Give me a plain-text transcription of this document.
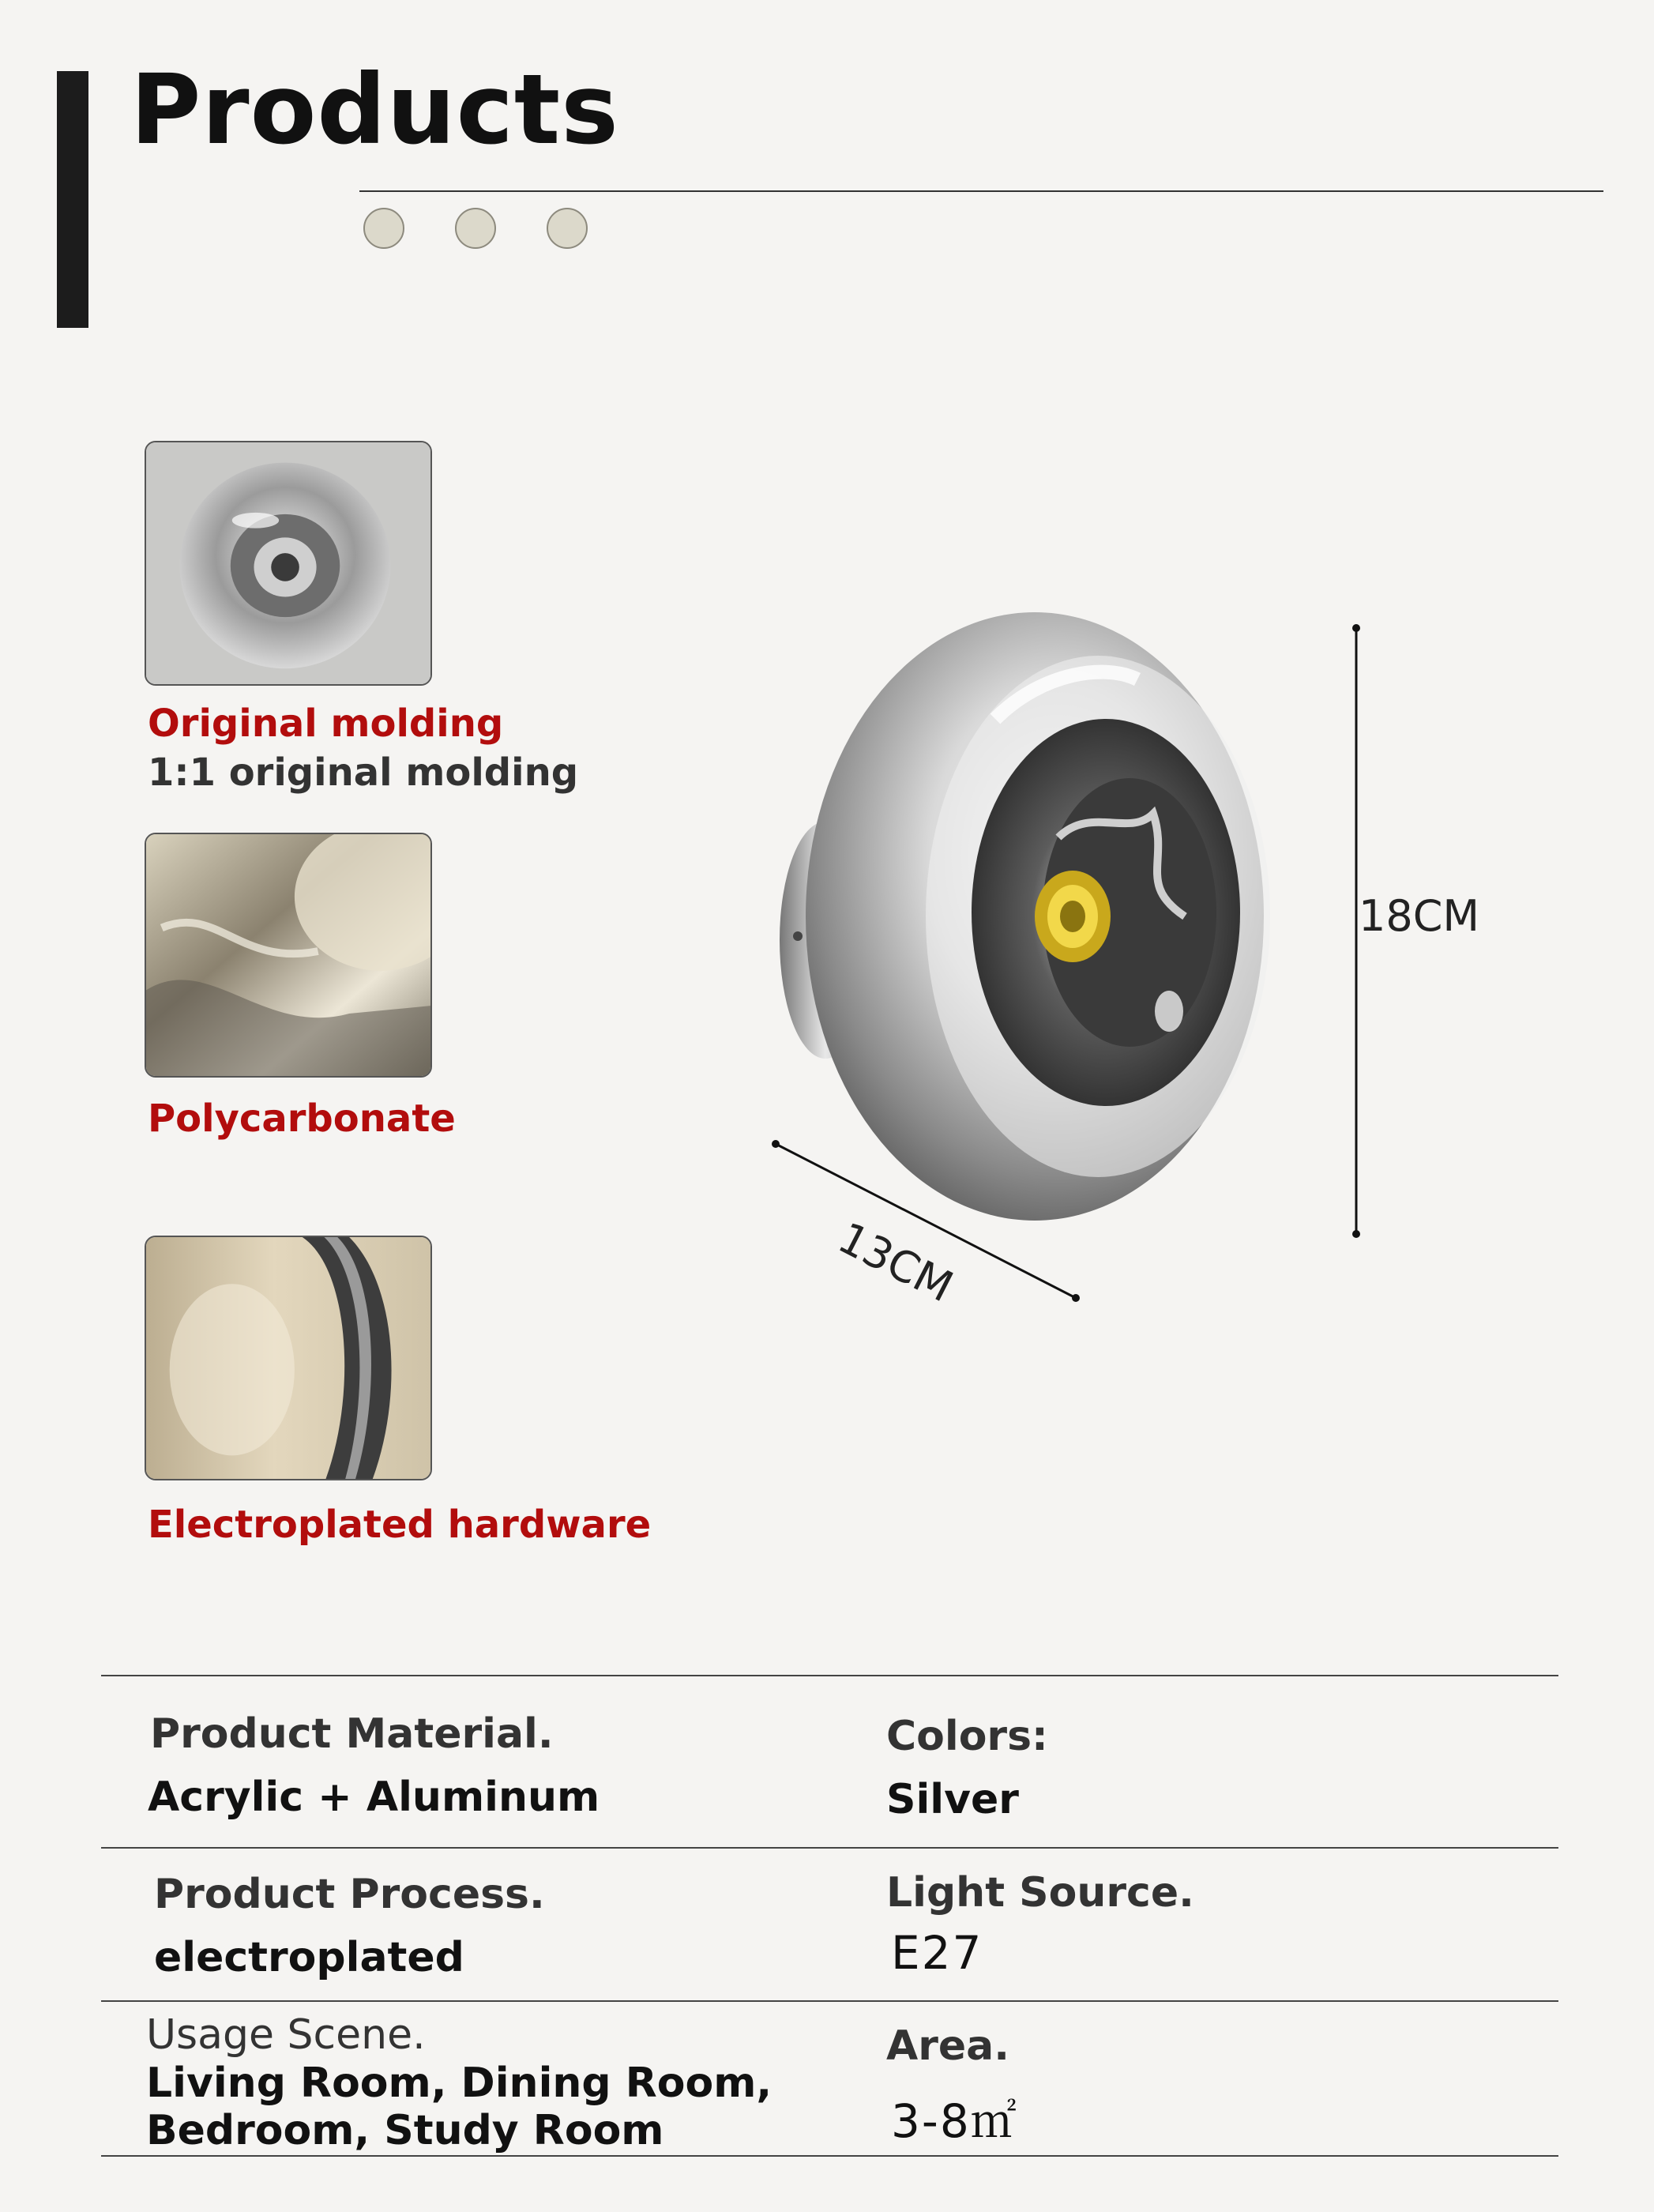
Products
Original molding
1:1 original molding
Polycarbonate
Electroplated hardware
18CM
13CM
Product Material.
Acrylic + Aluminum
Colors:
Silver
Product Process.
electroplated
Light Source.
E27
Usage Scene.
Living Room, Dining Room,
Bedroom, Study Room
Area.
3-8㎡
